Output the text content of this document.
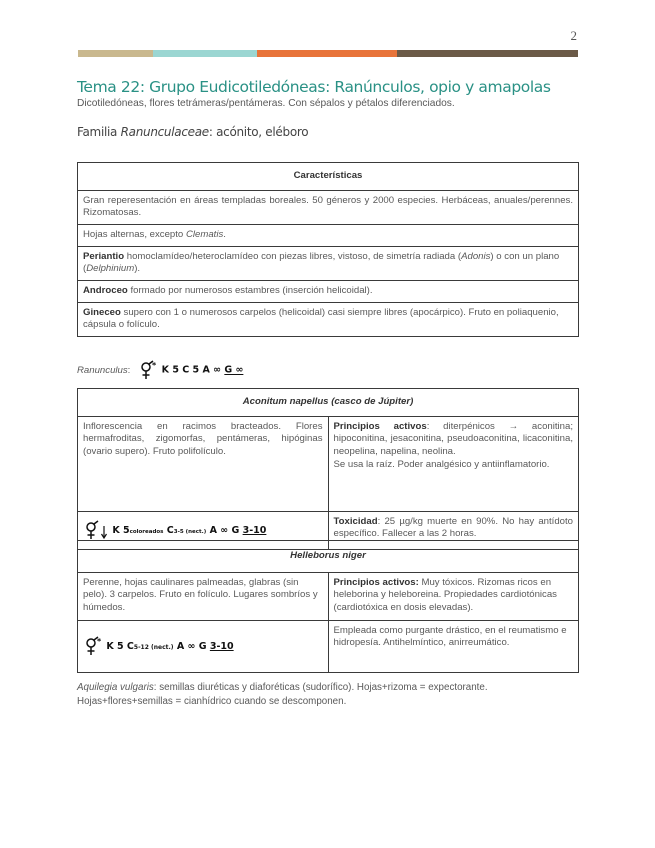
2
Tema 22: Grupo Eudicotiledóneas: Ranúnculos, opio y amapolas
Dicotiledóneas, flores tetrámeras/pentámeras. Con sépalos y pétalos diferenciados.
Familia Ranunculaceae: acónito, eléboro
Características
Gran reperesentación en áreas templadas boreales. 50 géneros y 2000 especies. Herbáceas, anuales/perennes. Rizomatosas.
Hojas alternas, excepto Clematis.
Periantio homoclamídeo/heteroclamídeo con piezas libres, vistoso, de simetría radiada (Adonis) o con un plano (Delphinium).
Androceo formado por numerosos estambres (inserción helicoidal).
Gineceo supero con 1 o numerosos carpelos (helicoidal) casi siempre libres (apocárpico). Fruto en poliaquenio, cápsula o folículo.
Ranunculus :	* K 5 C 5 A ∞ G ∞
Aconitum napellus (casco de Júpiter)	
Inflorescencia en racimos bracteados. Flores hermafroditas, zigomorfas, pentámeras, hipóginas (ovario supero). Fruto polifolículo.	Principios activos: diterpénicos → aconitina; hipoconitina, jesaconitina, pseudoaconitina, licaconitina, neopelina, napelina, neolina.
Se usa la raíz. Poder analgésico y antiinflamatorio.
K 5coloreados C3-5 (nect.) A ∞ G 3-10	Toxicidad: 25 µg/kg muerte en 90%. No hay antídoto específico. Fallecer a las 2 horas.
Helleborus niger	
Perenne, hojas caulinares palmeadas, glabras (sin pelo). 3 carpelos. Fruto en folículo. Lugares sombríos y húmedos.	Principios activos: Muy tóxicos. Rizomas ricos en heleborina y heleboreina. Propiedades cardiotónicas (cardiotóxica en dosis elevadas).

* K 5 C5-12 (nect.) A ∞ G 3-10	Empleada como purgante drástico, en el reumatismo e hidropesía. Antihelmíntico, anirreumático.
Aquilegia vulgaris: semillas diuréticas y diaforéticas (sudorífico). Hojas+rizoma = expectorante.
Hojas+flores+semillas = cianhídrico cuando se descomponen.
